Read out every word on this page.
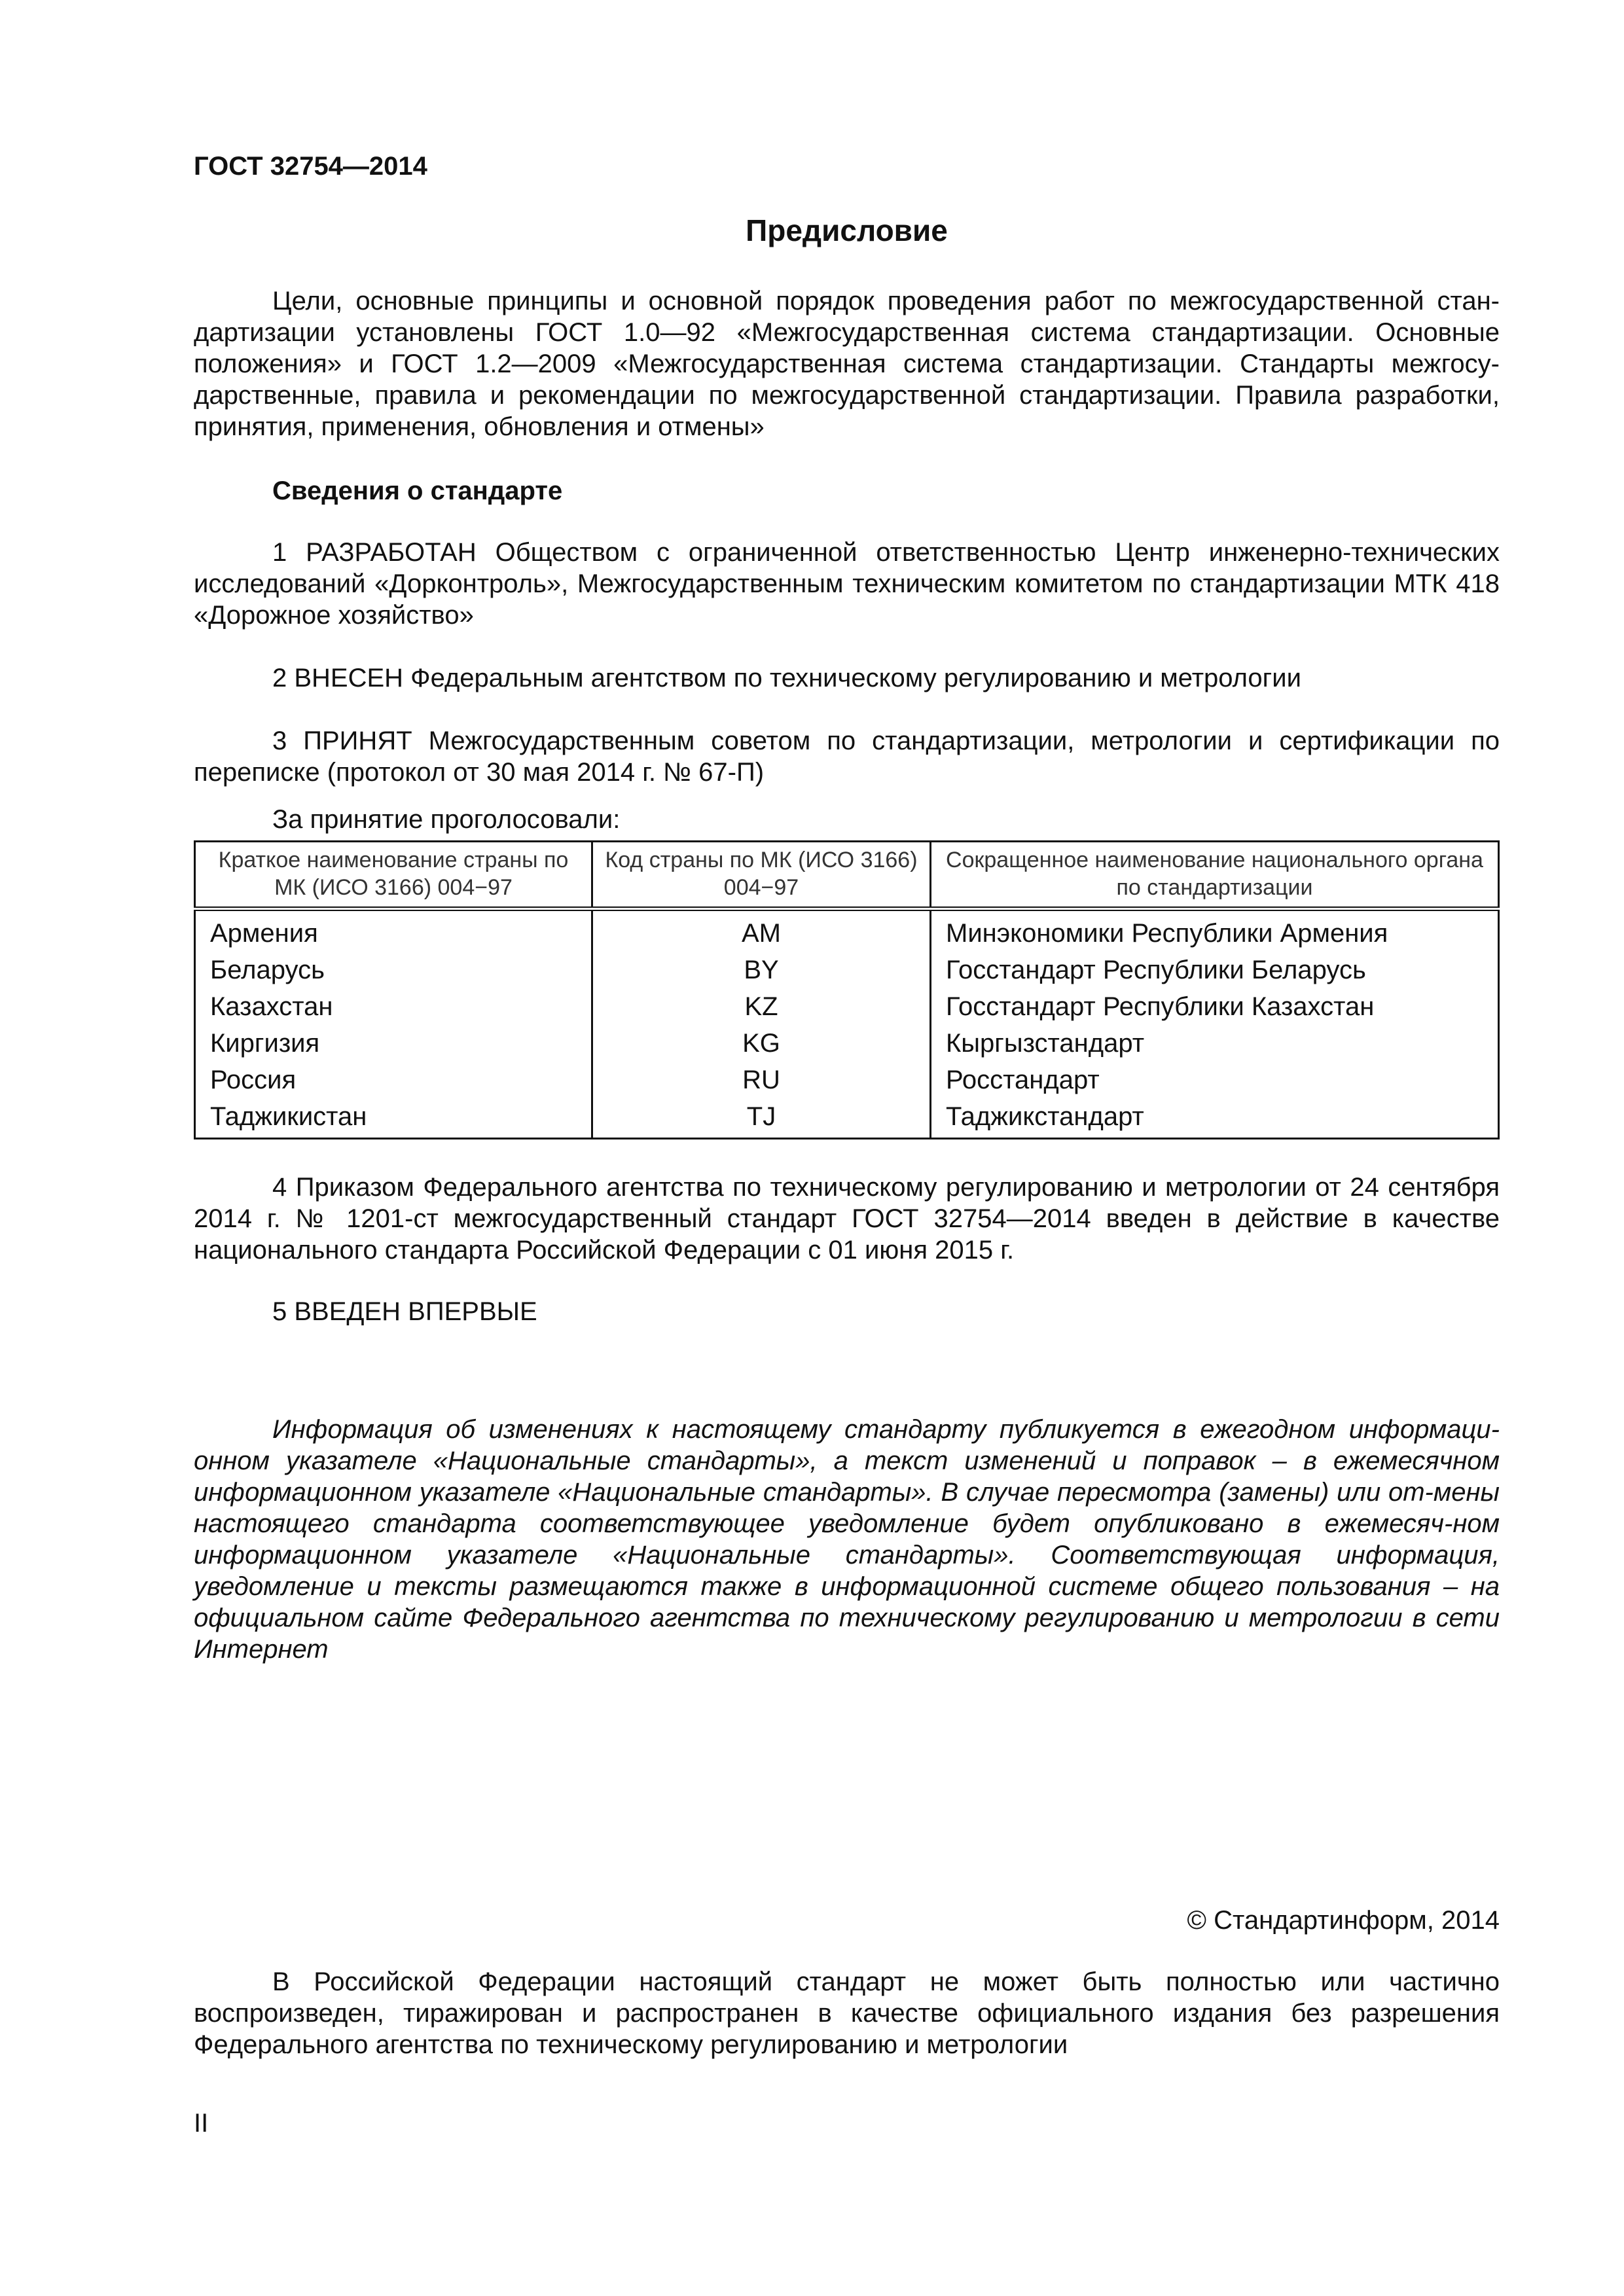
ГОСТ 32754—2014
Предисловие

Цели, основные принципы и основной порядок проведения работ по межгосударственной стан-дартизации установлены ГОСТ 1.0—92 «Межгосударственная система стандартизации. Основные положения» и ГОСТ 1.2—2009 «Межгосударственная система стандартизации. Стандарты межгосу-дарственные, правила и рекомендации по межгосударственной стандартизации. Правила разработки, принятия, применения, обновления и отмены»

Сведения о стандарте

1 РАЗРАБОТАН Обществом с ограниченной ответственностью Центр инженерно-технических исследований «Дорконтроль», Межгосударственным техническим комитетом по стандартизации МТК 418 «Дорожное хозяйство»

2 ВНЕСЕН Федеральным агентством по техническому регулированию и метрологии

3 ПРИНЯТ Межгосударственным советом по стандартизации, метрологии и сертификации по переписке (протокол от 30 мая 2014 г. № 67-П)

За принятие проголосовали:
Краткое наименование страны по МК (ИСО 3166) 004−97	Код страны по МК (ИСО 3166) 004−97	Сокращенное наименование национального органа по стандартизации
Армения	AM	Минэкономики Республики Армения
Беларусь	BY	Госстандарт Республики Беларусь
Казахстан	KZ	Госстандарт Республики Казахстан
Киргизия	KG	Кыргызстандарт
Россия	RU	Росстандарт
Таджикистан	TJ	Таджикстандарт

4 Приказом Федерального агентства по техническому регулированию и метрологии от 24 сентября 2014 г. № 1201-ст межгосударственный стандарт ГОСТ 32754—2014 введен в действие в качестве национального стандарта Российской Федерации с 01 июня 2015 г.

5 ВВЕДЕН ВПЕРВЫЕ

Информация об изменениях к настоящему стандарту публикуется в ежегодном информаци-онном указателе «Национальные стандарты», а текст изменений и поправок – в ежемесячном информационном указателе «Национальные стандарты». В случае пересмотра (замены) или от-мены настоящего стандарта соответствующее уведомление будет опубликовано в ежемесяч-ном информационном указателе «Национальные стандарты». Соответствующая информация, уведомление и тексты размещаются также в информационной системе общего пользования – на официальном сайте Федерального агентства по техническому регулированию и метрологии в сети Интернет

© Стандартинформ, 2014

В Российской Федерации настоящий стандарт не может быть полностью или частично воспроизведен, тиражирован и распространен в качестве официального издания без разрешения Федерального агентства по техническому регулированию и метрологии

II
